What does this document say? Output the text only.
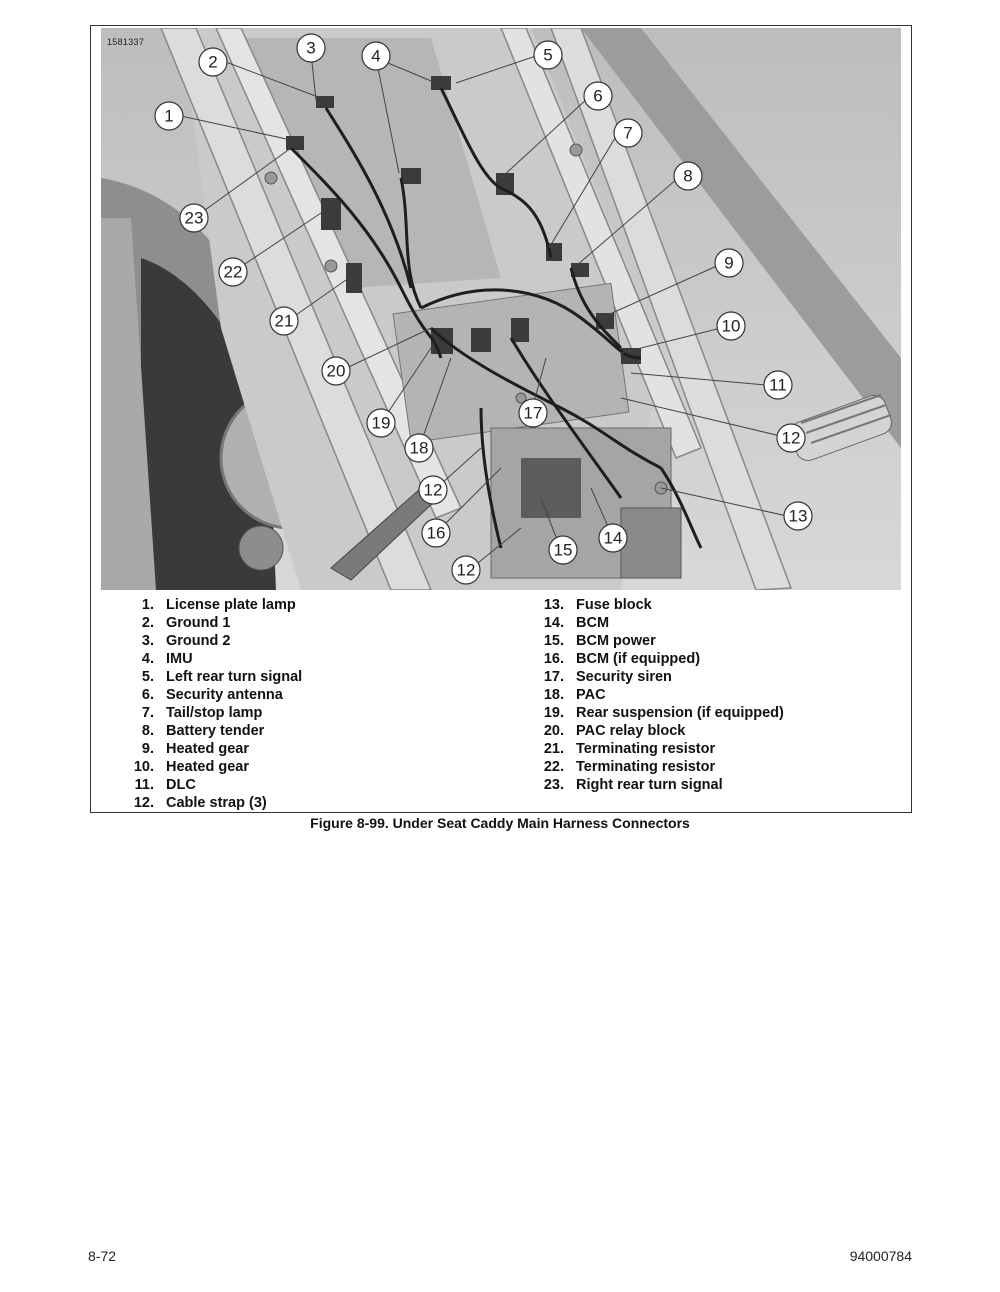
1
2
3	4	5
6
7
8
9
10
11
12
12
12
13
14
15
16
17
18
19
20
21
22
23
1581337
1. License plate lamp
2. Ground 1
3. Ground 2
4. IMU
5. Left rear turn signal
6. Security antenna
7. Tail/stop lamp
8. Battery tender
9. Heated gear
10. Heated gear
11. DLC
12. Cable strap (3)
13. Fuse block
14. BCM
15. BCM power
16. BCM (if equipped)
17. Security siren
18. PAC
19. Rear suspension (if equipped)
20. PAC relay block
21. Terminating resistor
22. Terminating resistor
23. Right rear turn signal
Figure 8-99. Under Seat Caddy Main Harness Connectors
8-72	94000784
